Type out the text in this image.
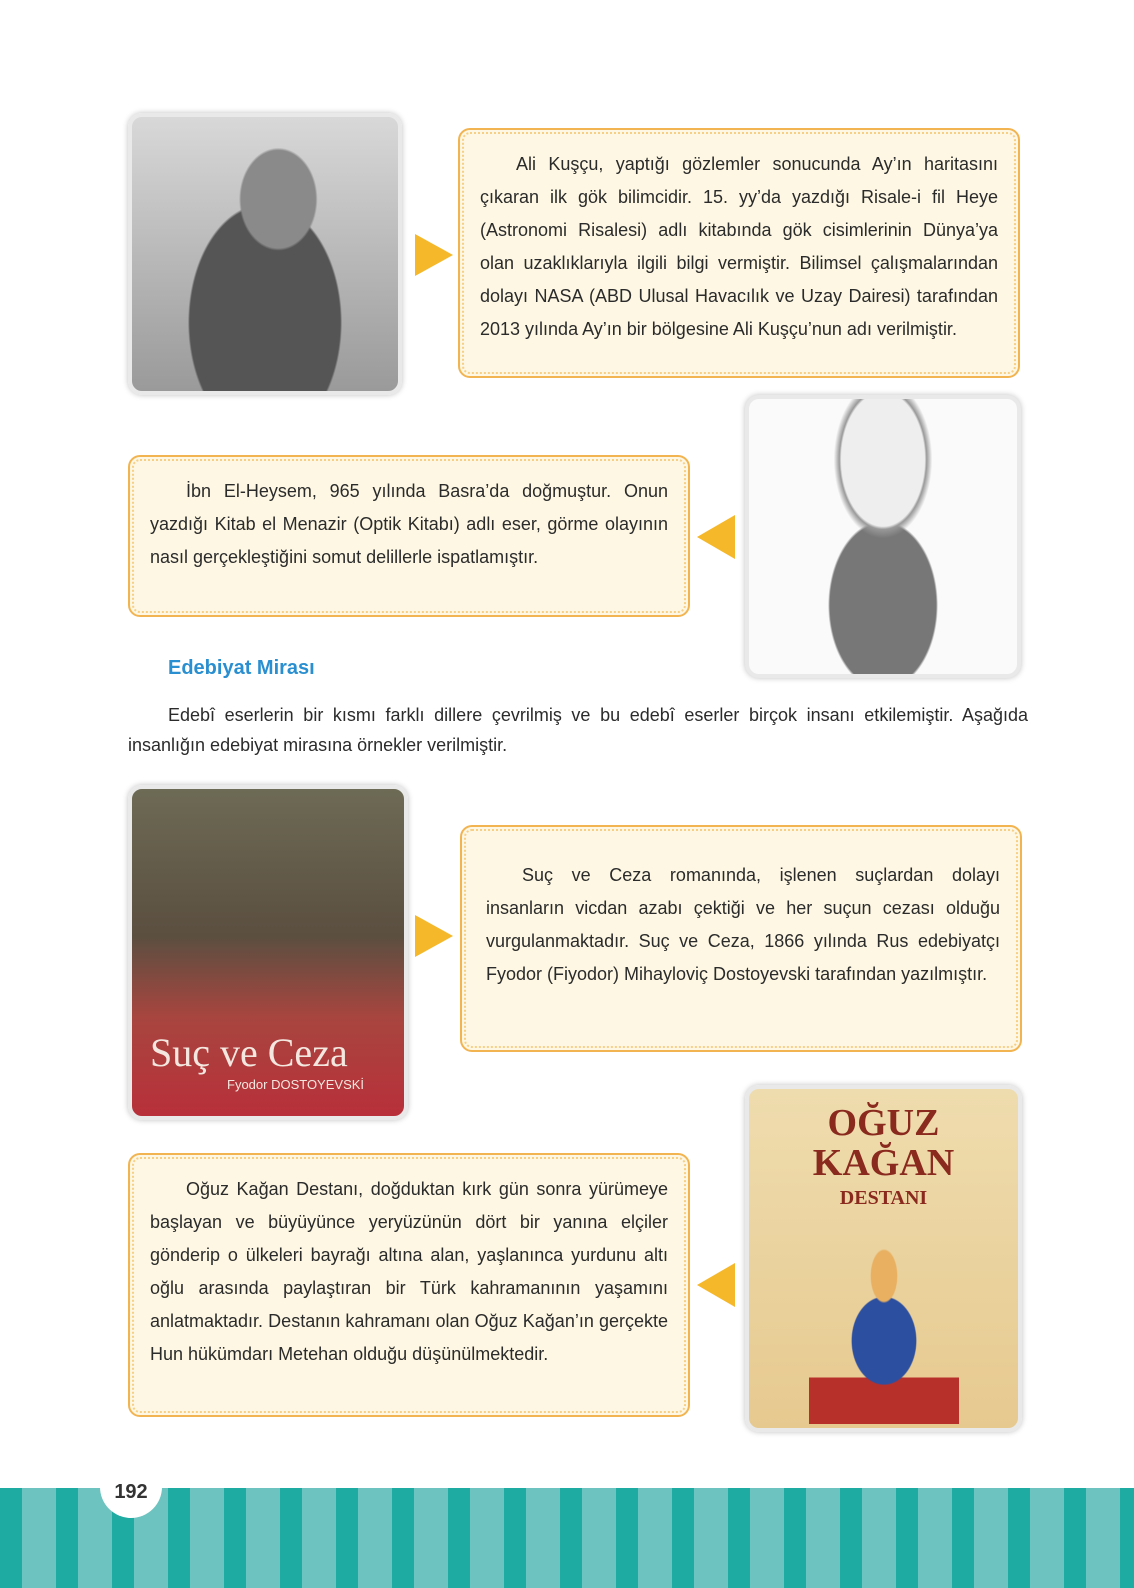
Ali Kuşçu, yaptığı gözlemler sonucunda Ay’ın haritasını çıkaran ilk gök bilimcidir. 15. yy’da yazdığı Risale-i fil Heye (Astronomi Risalesi) adlı kitabında gök cisimlerinin Dünya’ya olan uzaklıklarıyla ilgili bilgi vermiştir. Bilimsel çalışmalarından dolayı NASA (ABD Ulusal Havacılık ve Uzay Dairesi) tarafından 2013 yılında Ay’ın bir bölgesine Ali Kuşçu’nun adı verilmiştir.

İbn El-Heysem, 965 yılında Basra’da doğmuştur. Onun yazdığı Kitab el Menazir (Optik Kitabı) adlı eser, görme olayının nasıl gerçekleştiğini somut delillerle ispatlamıştır.

Edebiyat Mirası
Edebî eserlerin bir kısmı farklı dillere çevrilmiş ve bu edebî eserler birçok insanı etkilemiştir. Aşağıda insanlığın edebiyat mirasına örnekler verilmiştir.
Suç ve Ceza
Fyodor DOSTOYEVSKİ

Suç ve Ceza romanında, işlenen suçlardan dolayı insanların vicdan azabı çektiği ve her suçun cezası olduğu vurgulanmaktadır. Suç ve Ceza, 1866 yılında Rus edebiyatçı Fyodor (Fiyodor) Mihayloviç Dostoyevski tarafından yazılmıştır.

OĞUZ
KAĞAN
DESTANI

Oğuz Kağan Destanı, doğduktan kırk gün sonra yürümeye başlayan ve büyüyünce yeryüzünün dört bir yanına elçiler gönderip o ülkeleri bayrağı altına alan, yaşlanınca yurdunu altı oğlu arasında paylaştıran bir Türk kahramanının yaşamını anlatmaktadır. Destanın kahramanı olan Oğuz Kağan’ın gerçekte Hun hükümdarı Metehan olduğu düşünülmektedir.

192
